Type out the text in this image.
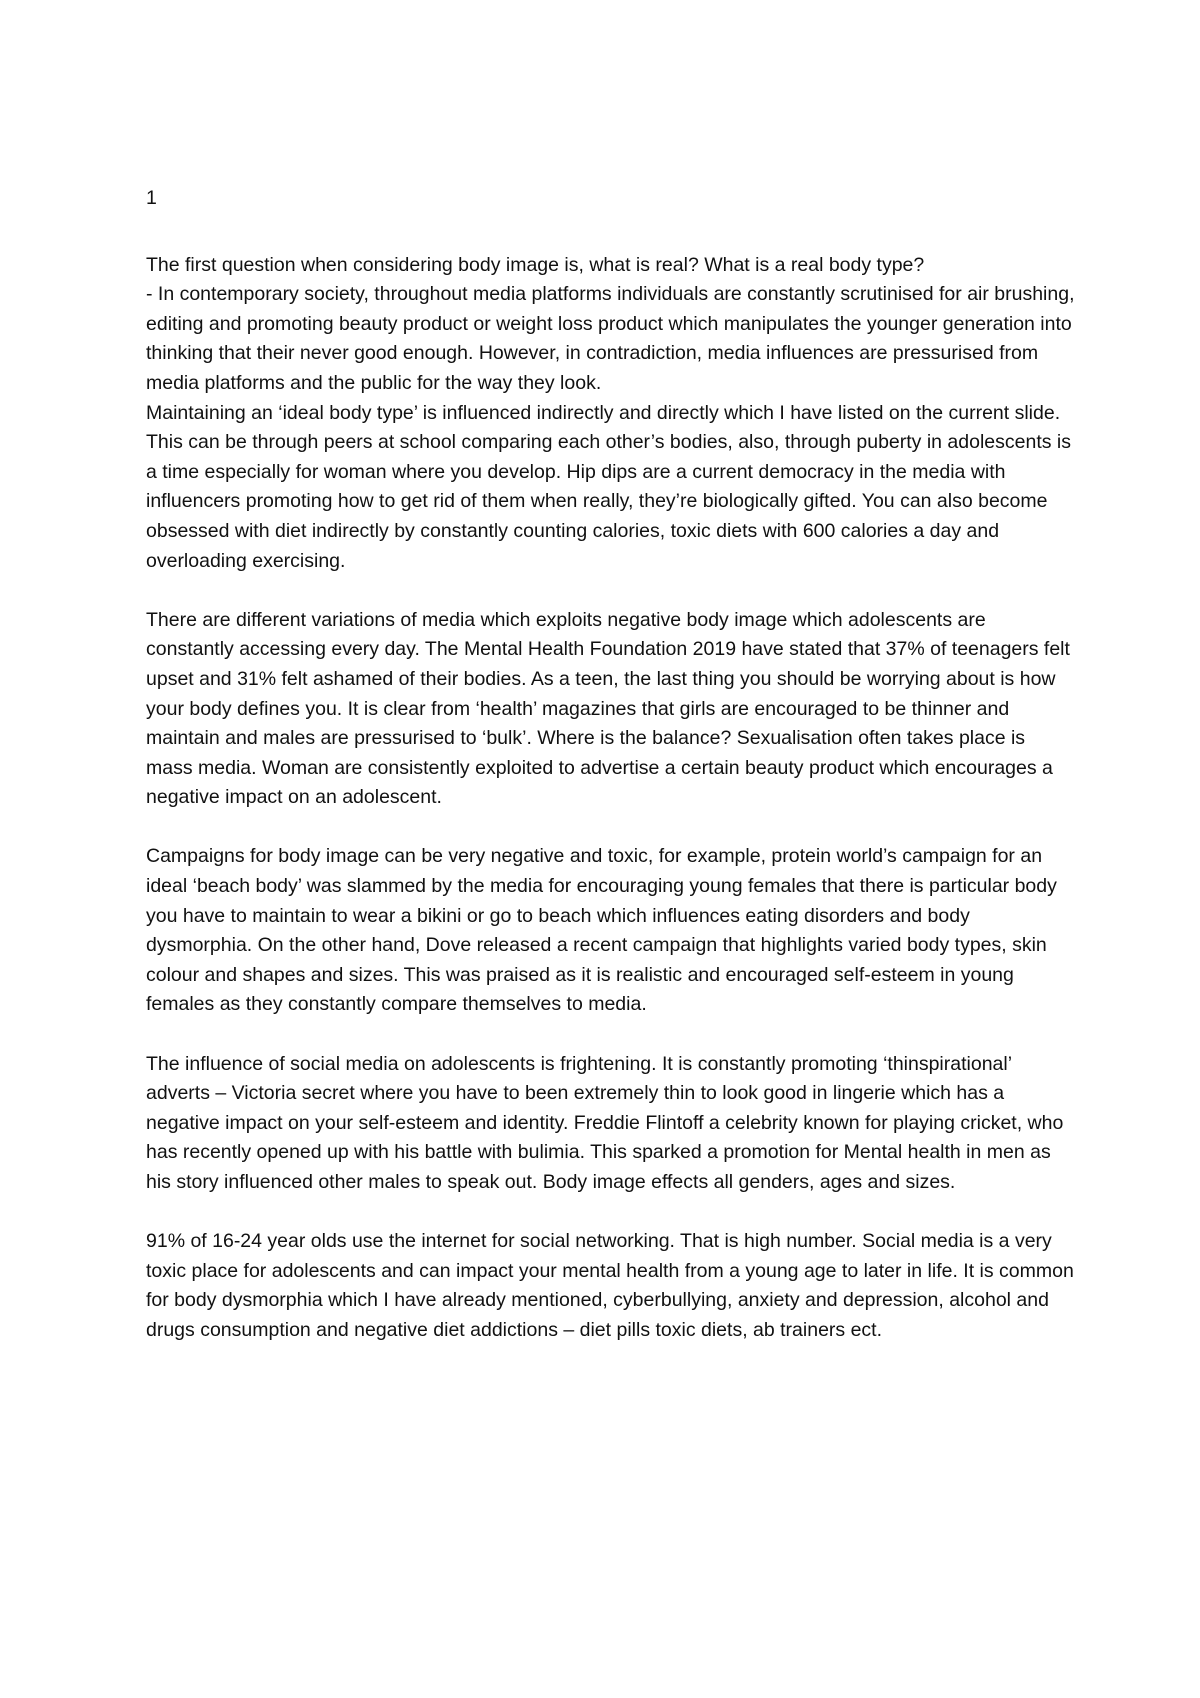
1

The first question when considering body image is, what is real? What is a real body type?

- In contemporary society, throughout media platforms individuals are constantly scrutinised for air brushing, editing and promoting beauty product or weight loss product which manipulates the younger generation into thinking that their never good enough. However, in contradiction, media influences are pressurised from media platforms and the public for the way they look.

Maintaining an ‘ideal body type’ is influenced indirectly and directly which I have listed on the current slide. This can be through peers at school comparing each other’s bodies, also, through puberty in adolescents is a time especially for woman where you develop. Hip dips are a current democracy in the media with influencers promoting how to get rid of them when really, they’re biologically gifted. You can also become obsessed with diet indirectly by constantly counting calories, toxic diets with 600 calories a day and overloading exercising.

There are different variations of media which exploits negative body image which adolescents are constantly accessing every day. The Mental Health Foundation 2019 have stated that 37% of teenagers felt upset and 31% felt ashamed of their bodies. As a teen, the last thing you should be worrying about is how your body defines you. It is clear from ‘health’ magazines that girls are encouraged to be thinner and maintain and males are pressurised to ‘bulk’. Where is the balance? Sexualisation often takes place is mass media. Woman are consistently exploited to advertise a certain beauty product which encourages a negative impact on an adolescent.

Campaigns for body image can be very negative and toxic, for example, protein world’s campaign for an ideal ‘beach body’ was slammed by the media for encouraging young females that there is particular body you have to maintain to wear a bikini or go to beach which influences eating disorders and body dysmorphia. On the other hand, Dove released a recent campaign that highlights varied body types, skin colour and shapes and sizes. This was praised as it is realistic and encouraged self-esteem in young females as they constantly compare themselves to media.

The influence of social media on adolescents is frightening. It is constantly promoting ‘thinspirational’ adverts – Victoria secret where you have to been extremely thin to look good in lingerie which has a negative impact on your self-esteem and identity. Freddie Flintoff a celebrity known for playing cricket, who has recently opened up with his battle with bulimia. This sparked a promotion for Mental health in men as his story influenced other males to speak out. Body image effects all genders, ages and sizes.

91% of 16-24 year olds use the internet for social networking. That is high number. Social media is a very toxic place for adolescents and can impact your mental health from a young age to later in life. It is common for body dysmorphia which I have already mentioned, cyberbullying, anxiety and depression, alcohol and drugs consumption and negative diet addictions – diet pills toxic diets, ab trainers ect.
